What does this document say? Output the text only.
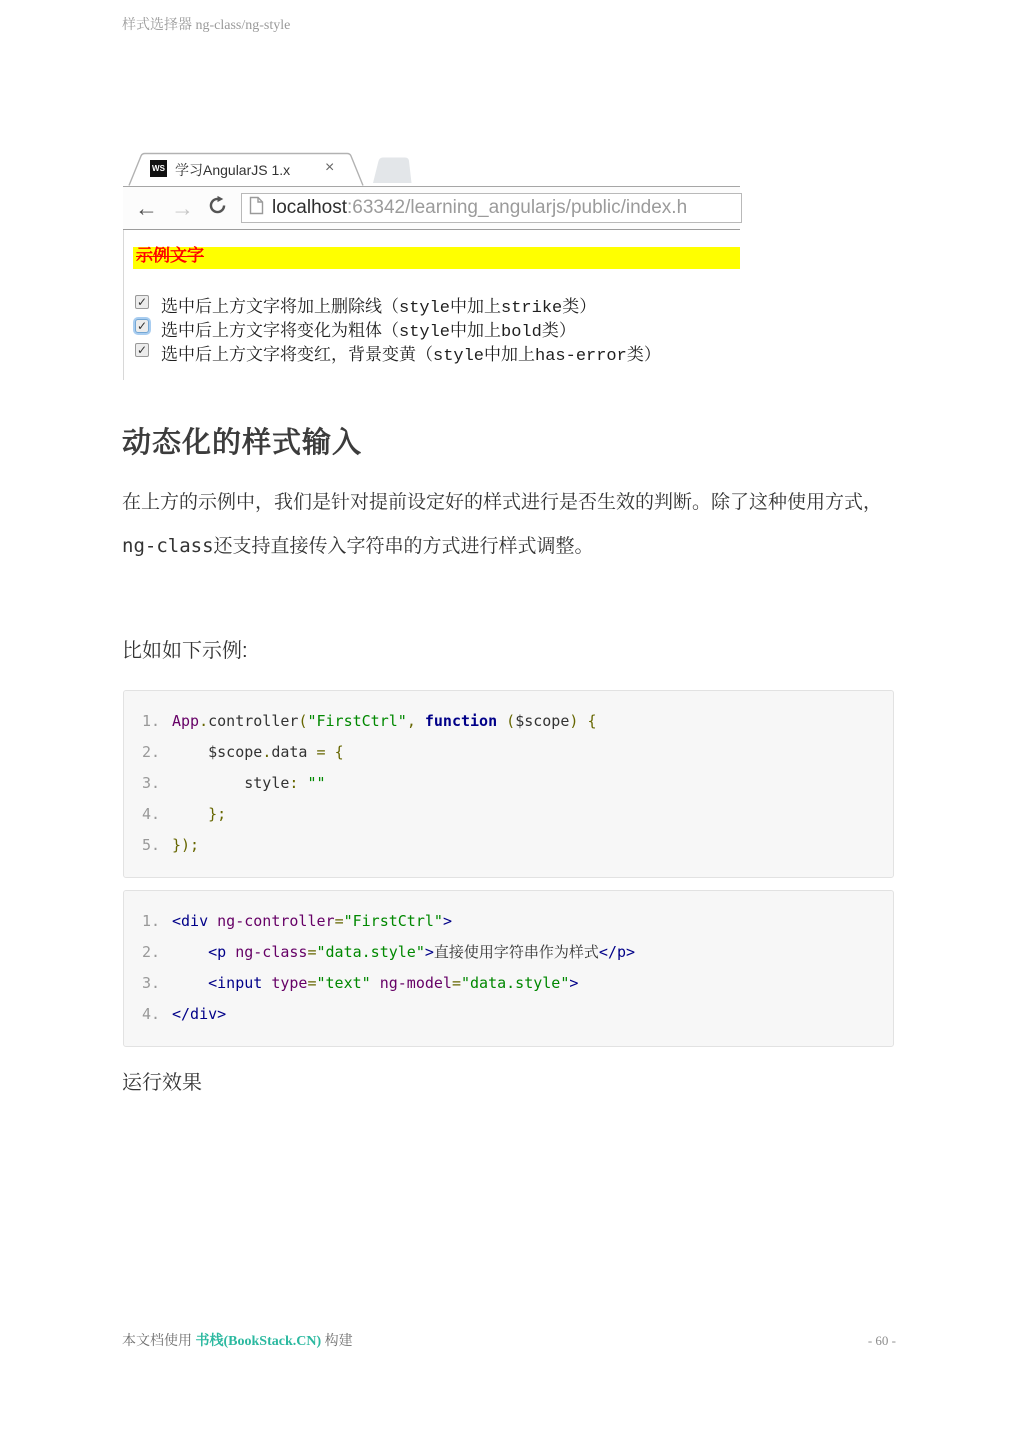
样式选择器 ng-class/ng-style
WS 学习AngularJS 1.x ×
← →	localhost:63342/learning_angularjs/public/index.h
示例文字
✓ 选中后上方文字将加上删除线（style中加上strike类）
✓ 选中后上方文字将变化为粗体（style中加上bold类）
✓ 选中后上方文字将变红，背景变黄（style中加上has-error类）
动态化的样式输入
在上方的示例中，我们是针对提前设定好的样式进行是否生效的判断。除了这种使用方式，ng-class还支持直接传入字符串的方式进行样式调整。
比如如下示例:
1. App.controller("FirstCtrl", function ($scope) {
2. $scope.data = {
3. style: ""
4.	};
5. });
1. <div ng-controller="FirstCtrl">
2.	<p ng-class="data.style">直接使用字符串作为样式</p>
3.	<input type="text" ng-model="data.style">
4. </div>
运行效果
本文档使用 书栈(BookStack.CN) 构建	- 60 -
